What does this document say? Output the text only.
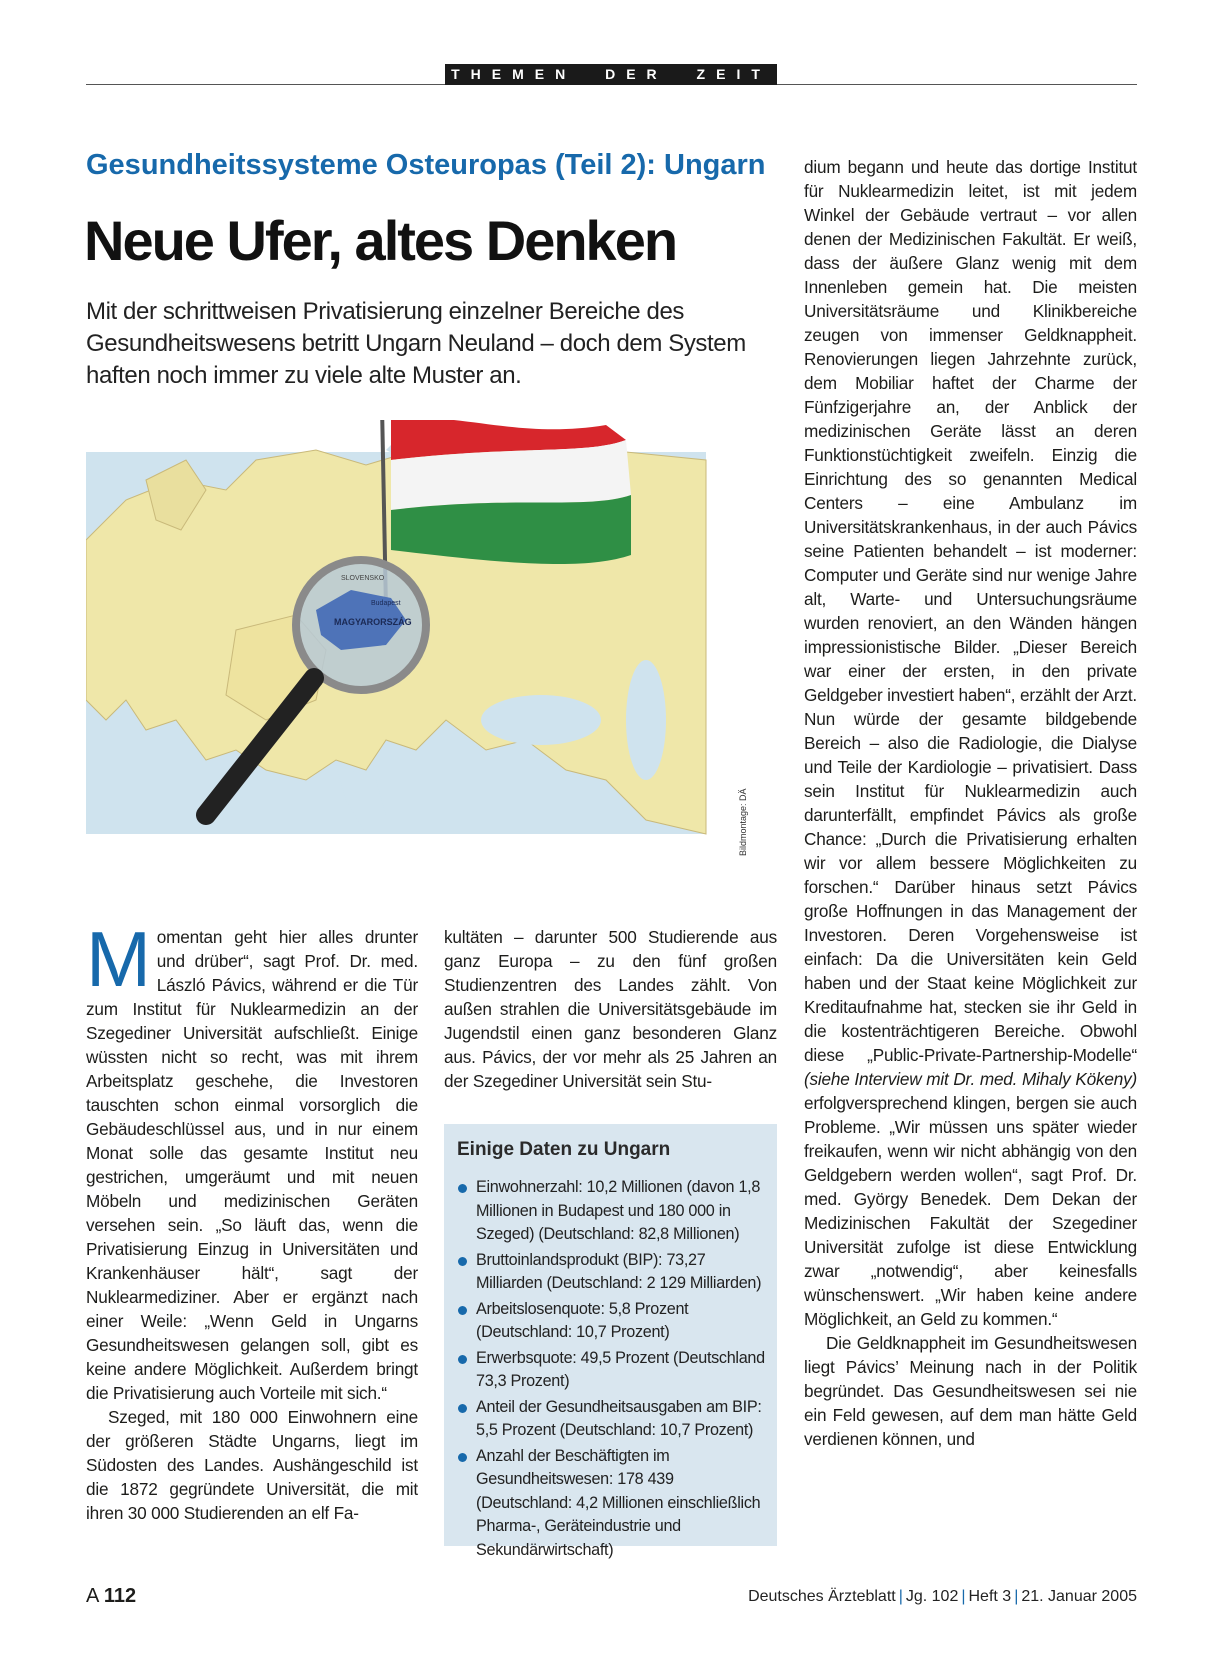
THEMEN DER ZEIT
Gesundheitssysteme Osteuropas (Teil 2): Ungarn
Neue Ufer, altes Denken
Mit der schrittweisen Privatisierung einzelner Bereiche des Gesundheitswesens betritt Ungarn Neuland – doch dem System haften noch immer zu viele alte Muster an.
MAGYARORSZÁG
Budapest
SLOVENSKO
Bildmontage: DÄ

Momentan geht hier alles drunter und drüber“, sagt Prof. Dr. med. László Pávics, während er die Tür zum Institut für Nuklearmedizin an der Szegediner Universität aufschließt. Einige wüssten nicht so recht, was mit ihrem Arbeitsplatz geschehe, die Investoren tauschten schon einmal vorsorglich die Gebäudeschlüssel aus, und in nur einem Monat solle das gesamte Institut neu gestrichen, umgeräumt und mit neuen Möbeln und medizinischen Geräten versehen sein. „So läuft das, wenn die Privatisierung Einzug in Universitäten und Krankenhäuser hält“, sagt der Nuklearmediziner. Aber er ergänzt nach einer Weile: „Wenn Geld in Ungarns Gesundheitswesen gelangen soll, gibt es keine andere Möglichkeit. Außerdem bringt die Privatisierung auch Vorteile mit sich.“

Szeged, mit 180 000 Einwohnern eine der größeren Städte Ungarns, liegt im Südosten des Landes. Aushängeschild ist die 1872 gegründete Universität, die mit ihren 30 000 Studierenden an elf Fa-

kultäten – darunter 500 Studierende aus ganz Europa – zu den fünf großen Studienzentren des Landes zählt. Von außen strahlen die Universitätsgebäude im Jugendstil einen ganz besonderen Glanz aus. Pávics, der vor mehr als 25 Jahren an der Szegediner Universität sein Stu-

Einige Daten zu Ungarn
Einwohnerzahl: 10,2 Millionen (davon 1,8 Millionen in Budapest und 180 000 in Szeged) (Deutschland: 82,8 Millionen)
Bruttoinlandsprodukt (BIP): 73,27 Milliarden (Deutschland: 2 129 Milliarden)
Arbeitslosenquote: 5,8 Prozent (Deutschland: 10,7 Prozent)
Erwerbsquote: 49,5 Prozent (Deutschland 73,3 Prozent)
Anteil der Gesundheitsausgaben am BIP: 5,5 Prozent (Deutschland: 10,7 Prozent)
Anzahl der Beschäftigten im Gesundheitswesen: 178 439 (Deutschland: 4,2 Millionen einschließlich Pharma-, Geräteindustrie und Sekundärwirtschaft)

dium begann und heute das dortige Institut für Nuklearmedizin leitet, ist mit jedem Winkel der Gebäude vertraut – vor allen denen der Medizinischen Fakultät. Er weiß, dass der äußere Glanz wenig mit dem Innenleben gemein hat. Die meisten Universitätsräume und Klinikbereiche zeugen von immenser Geldknappheit. Renovierungen liegen Jahrzehnte zurück, dem Mobiliar haftet der Charme der Fünfzigerjahre an, der Anblick der medizinischen Geräte lässt an deren Funktionstüchtigkeit zweifeln. Einzig die Einrichtung des so genannten Medical Centers – eine Ambulanz im Universitätskrankenhaus, in der auch Pávics seine Patienten behandelt – ist moderner: Computer und Geräte sind nur wenige Jahre alt, Warte- und Untersuchungsräume wurden renoviert, an den Wänden hängen impressionistische Bilder. „Dieser Bereich war einer der ersten, in den private Geldgeber investiert haben“, erzählt der Arzt. Nun würde der gesamte bildgebende Bereich – also die Radiologie, die Dialyse und Teile der Kardiologie – privatisiert. Dass sein Institut für Nuklearmedizin auch darunterfällt, empfindet Pávics als große Chance: „Durch die Privatisierung erhalten wir vor allem bessere Möglichkeiten zu forschen.“ Darüber hinaus setzt Pávics große Hoffnungen in das Management der Investoren. Deren Vorgehensweise ist einfach: Da die Universitäten kein Geld haben und der Staat keine Möglichkeit zur Kreditaufnahme hat, stecken sie ihr Geld in die kostenträchtigeren Bereiche. Obwohl diese „Public-Private-Partnership-Modelle“ (siehe Interview mit Dr. med. Mihaly Kökeny) erfolgversprechend klingen, bergen sie auch Probleme. „Wir müssen uns später wieder freikaufen, wenn wir nicht abhängig von den Geldgebern werden wollen“, sagt Prof. Dr. med. György Benedek. Dem Dekan der Medizinischen Fakultät der Szegediner Universität zufolge ist diese Entwicklung zwar „notwendig“, aber keinesfalls wünschenswert. „Wir haben keine andere Möglichkeit, an Geld zu kommen.“

Die Geldknappheit im Gesundheitswesen liegt Pávics’ Meinung nach in der Politik begründet. Das Gesundheitswesen sei nie ein Feld gewesen, auf dem man hätte Geld verdienen können, und

A 112	Deutsches Ärzteblatt | Jg. 102 | Heft 3 | 21. Januar 2005
